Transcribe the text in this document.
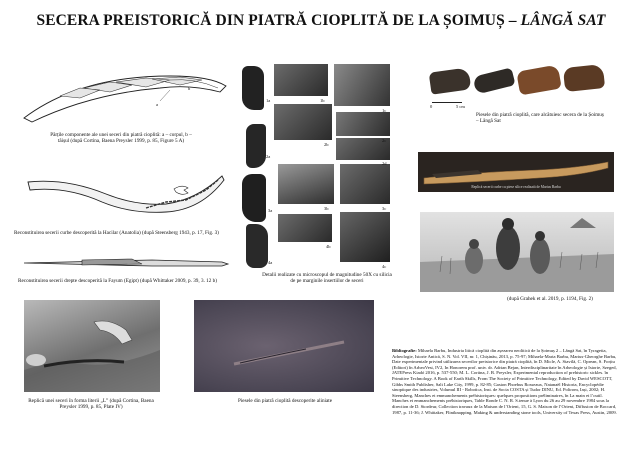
SECERA PREISTORICĂ DIN PIATRĂ CIOPLITĂ DE LA ȘOIMUȘ – LÂNGĂ SAT
b
a
Părțile componente ale unei seceri din piatră cioplită: a – corpul, b – tăișul (după Cortina, Baena Preysler 1999, p. 85, Figure 5 A)
Reconstituirea secerii curbe descoperită la Hacilar (Anatolia) (după Steensberg 1943, p. 17, Fig. 3)
Reconstituirea secerii drepte descoperită la Fayum (Egipt) (după Whittaker 2009, p. 39, 3. 12 b)
Replică unei seceri în forma literii „L” (după Cortina, Baena Preysler 1999, p. 85, Plate IV)
1a	1b
1c
2a
2b
2c
2d
3a	3b	3c
4a
4b
4c
Detalii realizate cu microscopul de magnitudine 50X cu silicia de pe marginile insertiilor de seceri
Piesele din piatră cioplită descoperite aliniate
0	5 cm
Piesele din piatră cioplită, care alcătuiesc secera de la Șoimuș – Lângă Sat
Replică secerii curbe cu piese silice realizată de Marius Barbu
(după Grahek et al. 2019, p. 1194, Fig. 2)
Bibliografie: Mihaela Barbu, Industria litică cioplită din așezarea neolitică de la Șoimuș 2 – Lângă Sat, în Tyragetia, Arheologie, Istorie Antică, S. N. Vol. VII, nr. 1, Chișinău, 2013, p. 75-97; Mihaela-Maria Barbu, Marius-Gheorghe Barbu, Date experimentale privind utilizarea secerilor preistorice din piatră cioplită, în D. Micle, A. Stavilă, C. Oprean, S. Forțiu (Editori) în ArheoVest, IV2, In Honorem prof. univ. dr. Adrian Bejan, Interdisciplinaritate în Arheologie și Istorie, Szeged, JATEPress Kiadó 2016, p. 537-550; M. L. Cortina, J. B. Preysler, Experimental reproduction of prehistoric sickles. în Primitive Technology. A Book of Earth Skills, From The Society of Primitive Technology, Edited by David WESCOTT, Gibbs Smith Publisher, Salt Lake City, 1999, p. 82-85; Gaston Phoebus Rosseaux, Natanaël Historia, Encyclopédie sinoptique des industries, Volumul III - Robotica, Inst. de Socia COSTA și Tudor DINU, Ed. Polirom, Iași, 2002; H. Steensberg, Manches et emmanchements préhistoriques: quelques propositions préliminaires, în La main et l’outil. Manches et emmanchements préhistoriques, Table Ronde C. N. R. S.tenue à Lyon du 26 au 29 novembre 1984 sous la direction de D. Stordeur, Collection travaux de la Maison de l’Orient, 15, G. S. Maison de l’Orient, Diffusion de Boccard, 1987, p. 11-36; J. Whittaker, Flintknapping. Making & understanding stone tools, University of Texas Press, Austin, 2009.
